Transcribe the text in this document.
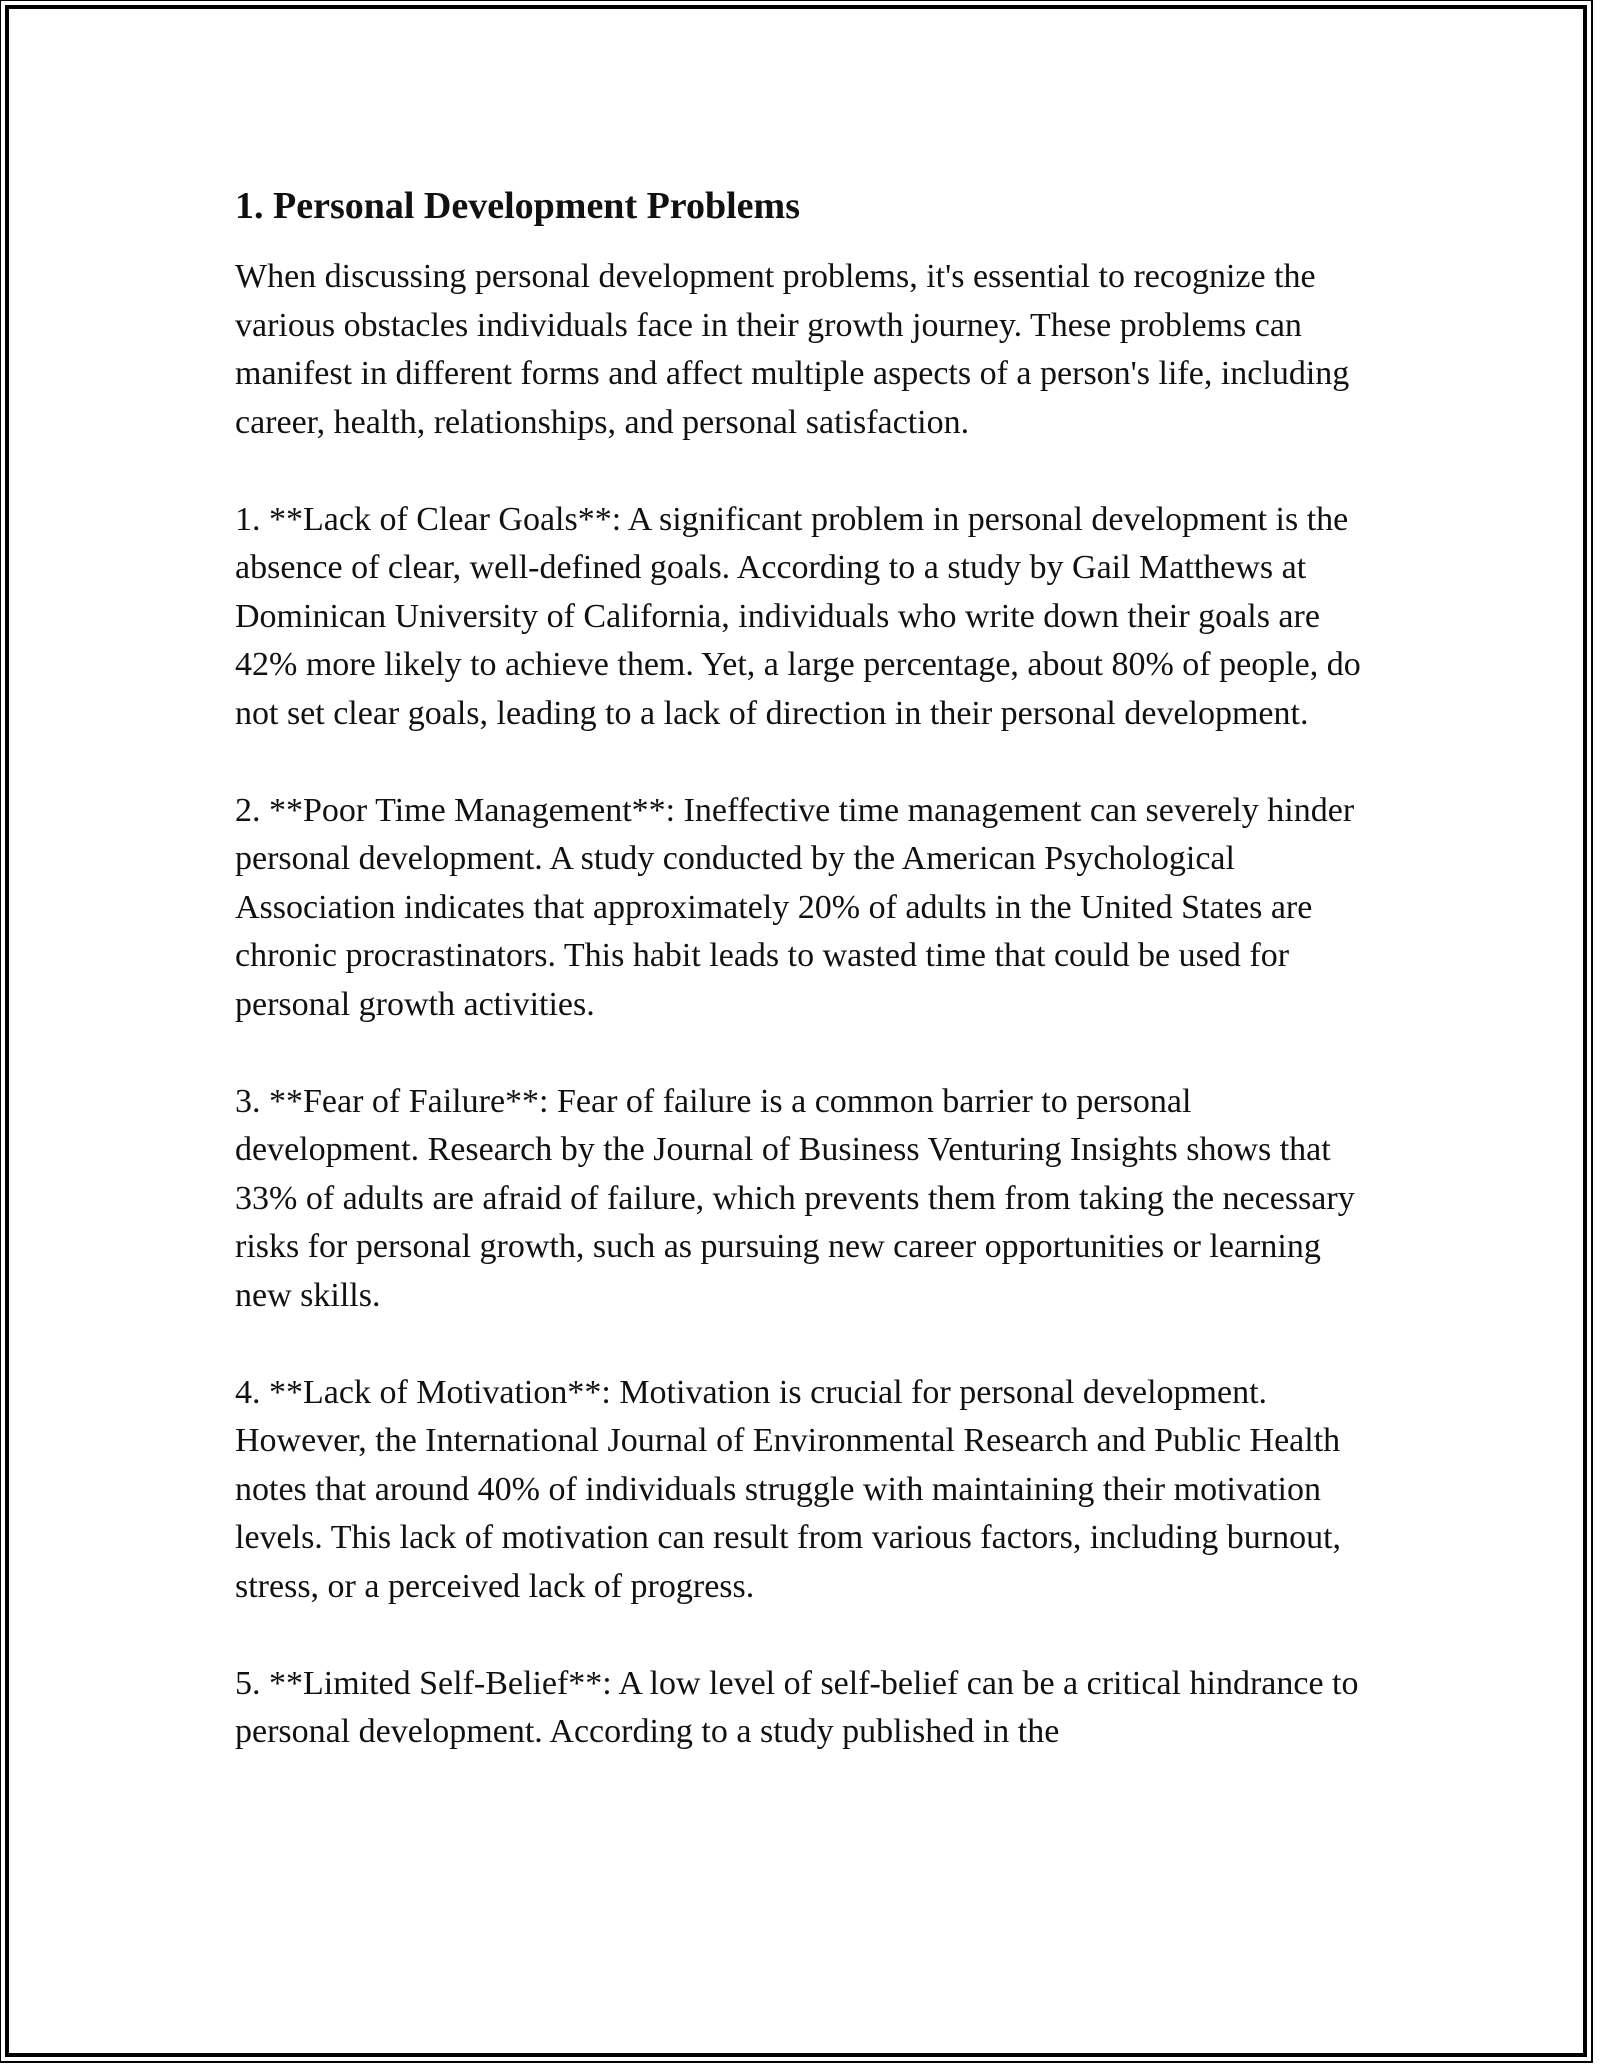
1. Personal Development Problems

When discussing personal development problems, it's essential to recognize the various obstacles individuals face in their growth journey. These problems can manifest in different forms and affect multiple aspects of a person's life, including career, health, relationships, and personal satisfaction.

1. **Lack of Clear Goals**: A significant problem in personal development is the absence of clear, well-defined goals. According to a study by Gail Matthews at Dominican University of California, individuals who write down their goals are 42% more likely to achieve them. Yet, a large percentage, about 80% of people, do not set clear goals, leading to a lack of direction in their personal development.

2. **Poor Time Management**: Ineffective time management can severely hinder personal development. A study conducted by the American Psychological Association indicates that approximately 20% of adults in the United States are chronic procrastinators. This habit leads to wasted time that could be used for personal growth activities.

3. **Fear of Failure**: Fear of failure is a common barrier to personal development. Research by the Journal of Business Venturing Insights shows that 33% of adults are afraid of failure, which prevents them from taking the necessary risks for personal growth, such as pursuing new career opportunities or learning new skills.

4. **Lack of Motivation**: Motivation is crucial for personal development. However, the International Journal of Environmental Research and Public Health notes that around 40% of individuals struggle with maintaining their motivation levels. This lack of motivation can result from various factors, including burnout, stress, or a perceived lack of progress.

5. **Limited Self-Belief**: A low level of self-belief can be a critical hindrance to personal development. According to a study published in the
